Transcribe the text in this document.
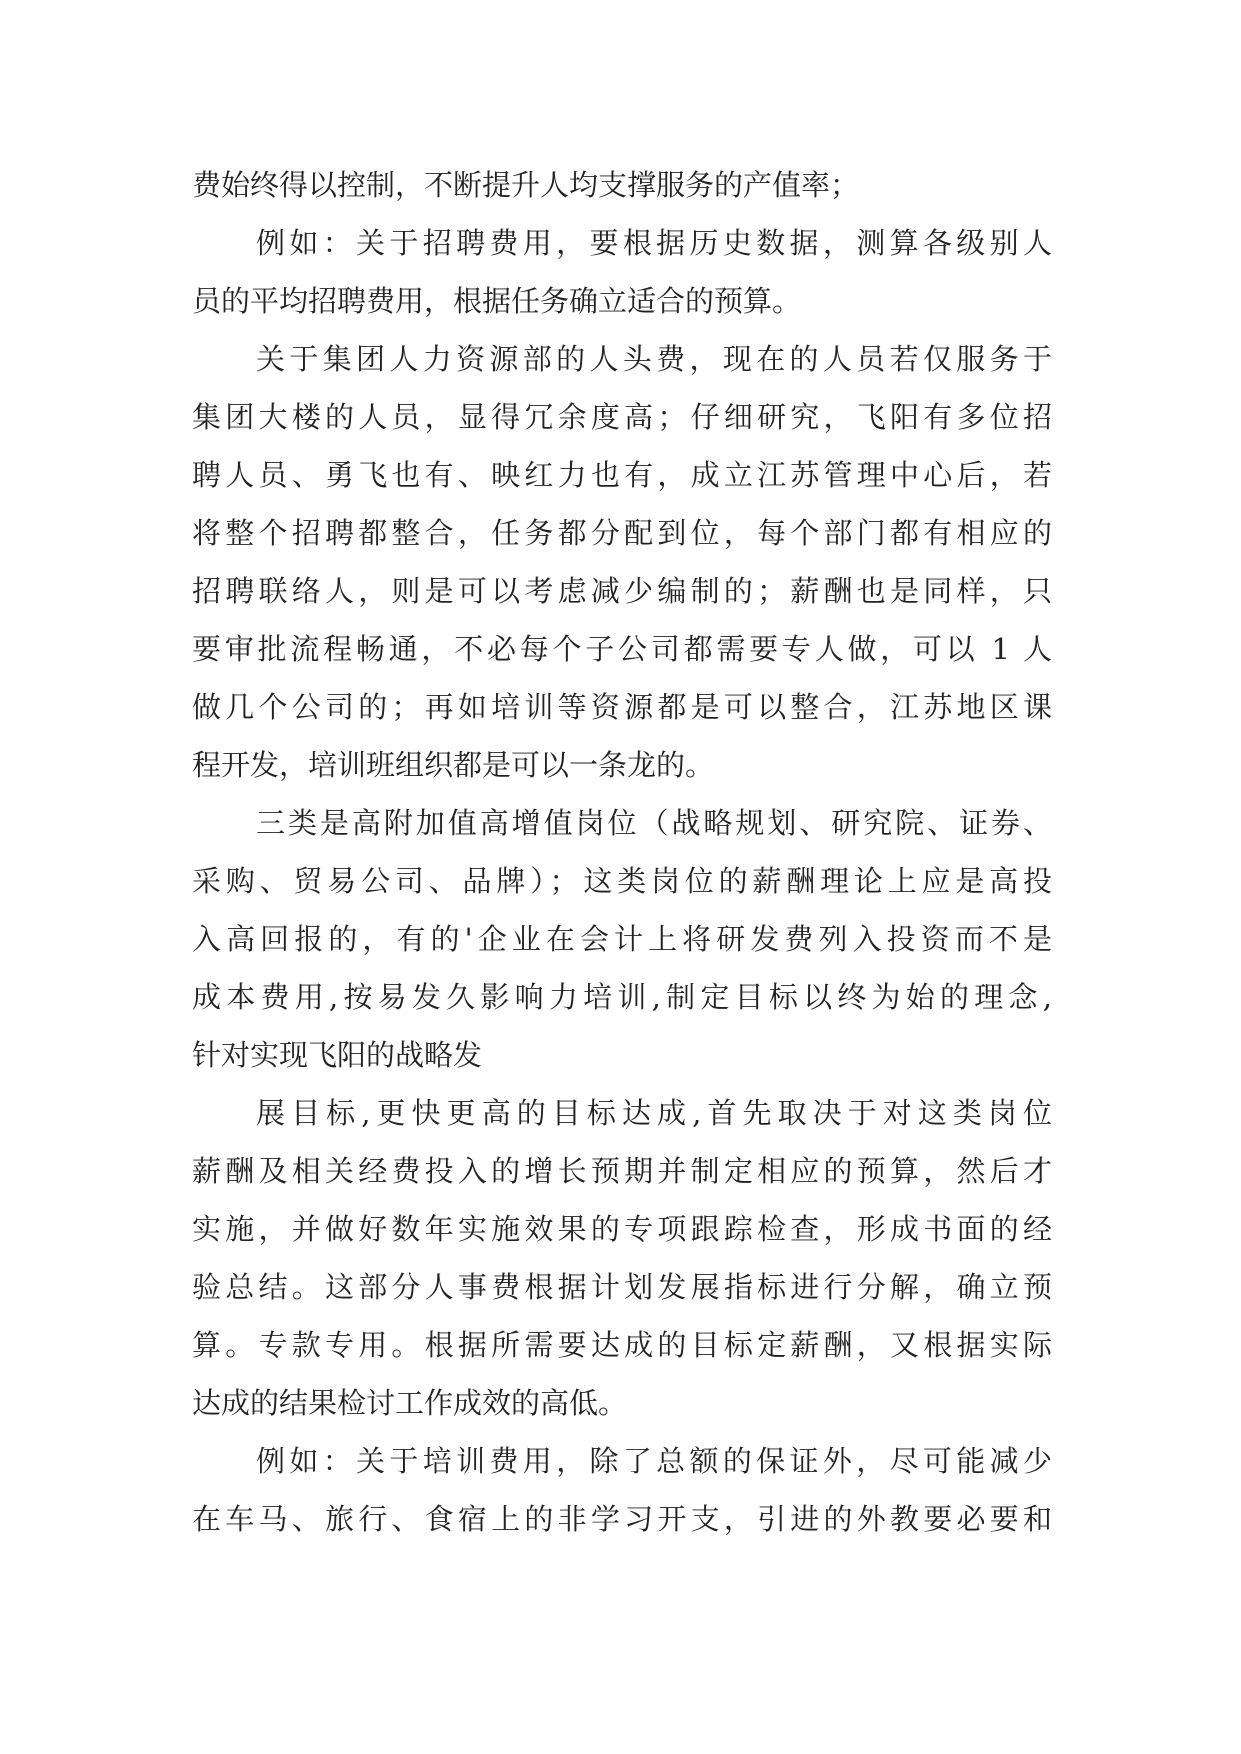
费始终得以控制，不断提升人均支撑服务的产值率；
例如：关于招聘费用，要根据历史数据，测算各级别人
员的平均招聘费用，根据任务确立适合的预算。
关于集团人力资源部的人头费，现在的人员若仅服务于
集团大楼的人员，显得冗余度高；仔细研究，飞阳有多位招
聘人员、勇飞也有、映红力也有，成立江苏管理中心后，若
将整个招聘都整合，任务都分配到位，每个部门都有相应的
招聘联络人，则是可以考虑减少编制的；薪酬也是同样，只
要审批流程畅通，不必每个子公司都需要专人做，可以 1 人
做几个公司的；再如培训等资源都是可以整合，江苏地区课
程开发，培训班组织都是可以一条龙的。
三类是高附加值高增值岗位（战略规划、研究院、证券、
采购、贸易公司、品牌）；这类岗位的薪酬理论上应是高投
入高回报的，有的'企业在会计上将研发费列入投资而不是
成本费用,按易发久影响力培训,制定目标以终为始的理念,
针对实现飞阳的战略发
展目标,更快更高的目标达成,首先取决于对这类岗位
薪酬及相关经费投入的增长预期并制定相应的预算，然后才
实施，并做好数年实施效果的专项跟踪检查，形成书面的经
验总结。这部分人事费根据计划发展指标进行分解，确立预
算。专款专用。根据所需要达成的目标定薪酬，又根据实际
达成的结果检讨工作成效的高低。
例如：关于培训费用，除了总额的保证外，尽可能减少
在车马、旅行、食宿上的非学习开支，引进的外教要必要和
